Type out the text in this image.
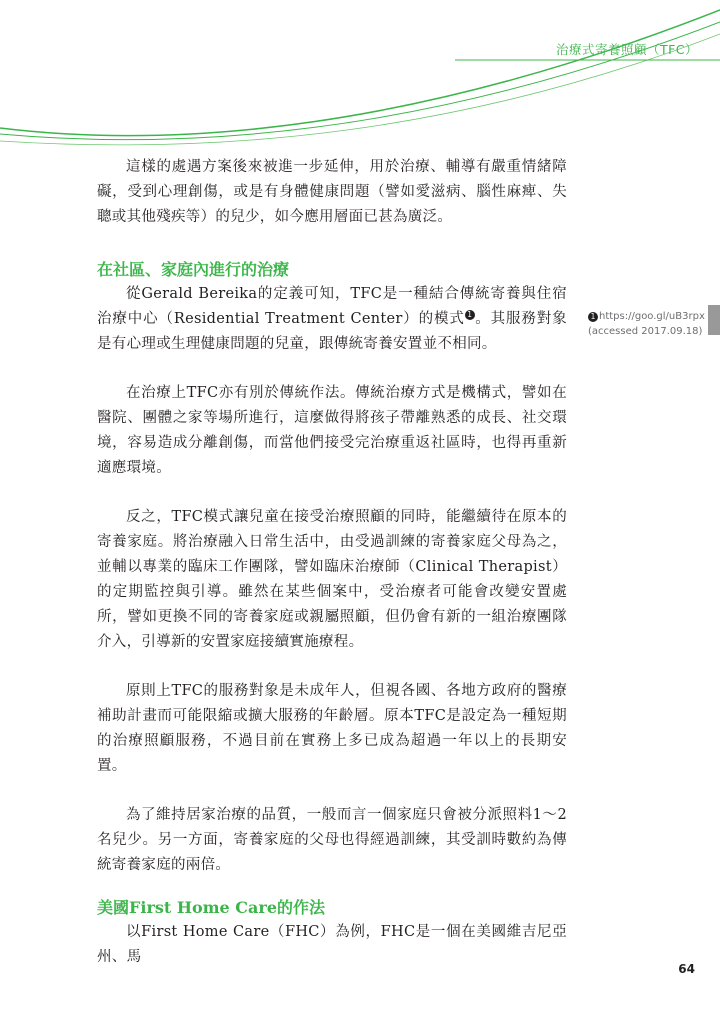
治療式寄養照顧（TFC）

這樣的處遇方案後來被進一步延伸，用於治療、輔導有嚴重情緒障礙，受到心理創傷，或是有身體健康問題（譬如愛滋病、腦性麻痺、失聰或其他殘疾等）的兒少，如今應用層面已甚為廣泛。

在社區、家庭內進行的治療

從Gerald Bereika的定義可知，TFC是一種結合傳統寄養與住宿治療中心（Residential Treatment Center）的模式 1 。其服務對象是有心理或生理健康問題的兒童，跟傳統寄養安置並不相同。

在治療上TFC亦有別於傳統作法。傳統治療方式是機構式，譬如在醫院、團體之家等場所進行，這麼做得將孩子帶離熟悉的成長、社交環境，容易造成分離創傷，而當他們接受完治療重返社區時，也得再重新適應環境。

反之，TFC模式讓兒童在接受治療照顧的同時，能繼續待在原本的寄養家庭。將治療融入日常生活中，由受過訓練的寄養家庭父母為之，並輔以專業的臨床工作團隊，譬如臨床治療師（Clinical Therapist）的定期監控與引導。雖然在某些個案中，受治療者可能會改變安置處所，譬如更換不同的寄養家庭或親屬照顧，但仍會有新的一組治療團隊介入，引導新的安置家庭接續實施療程。

原則上TFC的服務對象是未成年人，但視各國、各地方政府的醫療補助計畫而可能限縮或擴大服務的年齡層。原本TFC是設定為一種短期的治療照顧服務，不過目前在實務上多已成為超過一年以上的長期安置。

為了維持居家治療的品質，一般而言一個家庭只會被分派照料1～2名兒少。另一方面，寄養家庭的父母也得經過訓練，其受訓時數約為傳統寄養家庭的兩倍。

美國First Home Care的作法

以First Home Care（FHC）為例，FHC是一個在美國維吉尼亞州、馬

1 https://goo.gl/uB3rpx
(accessed 2017.09.18)
64
